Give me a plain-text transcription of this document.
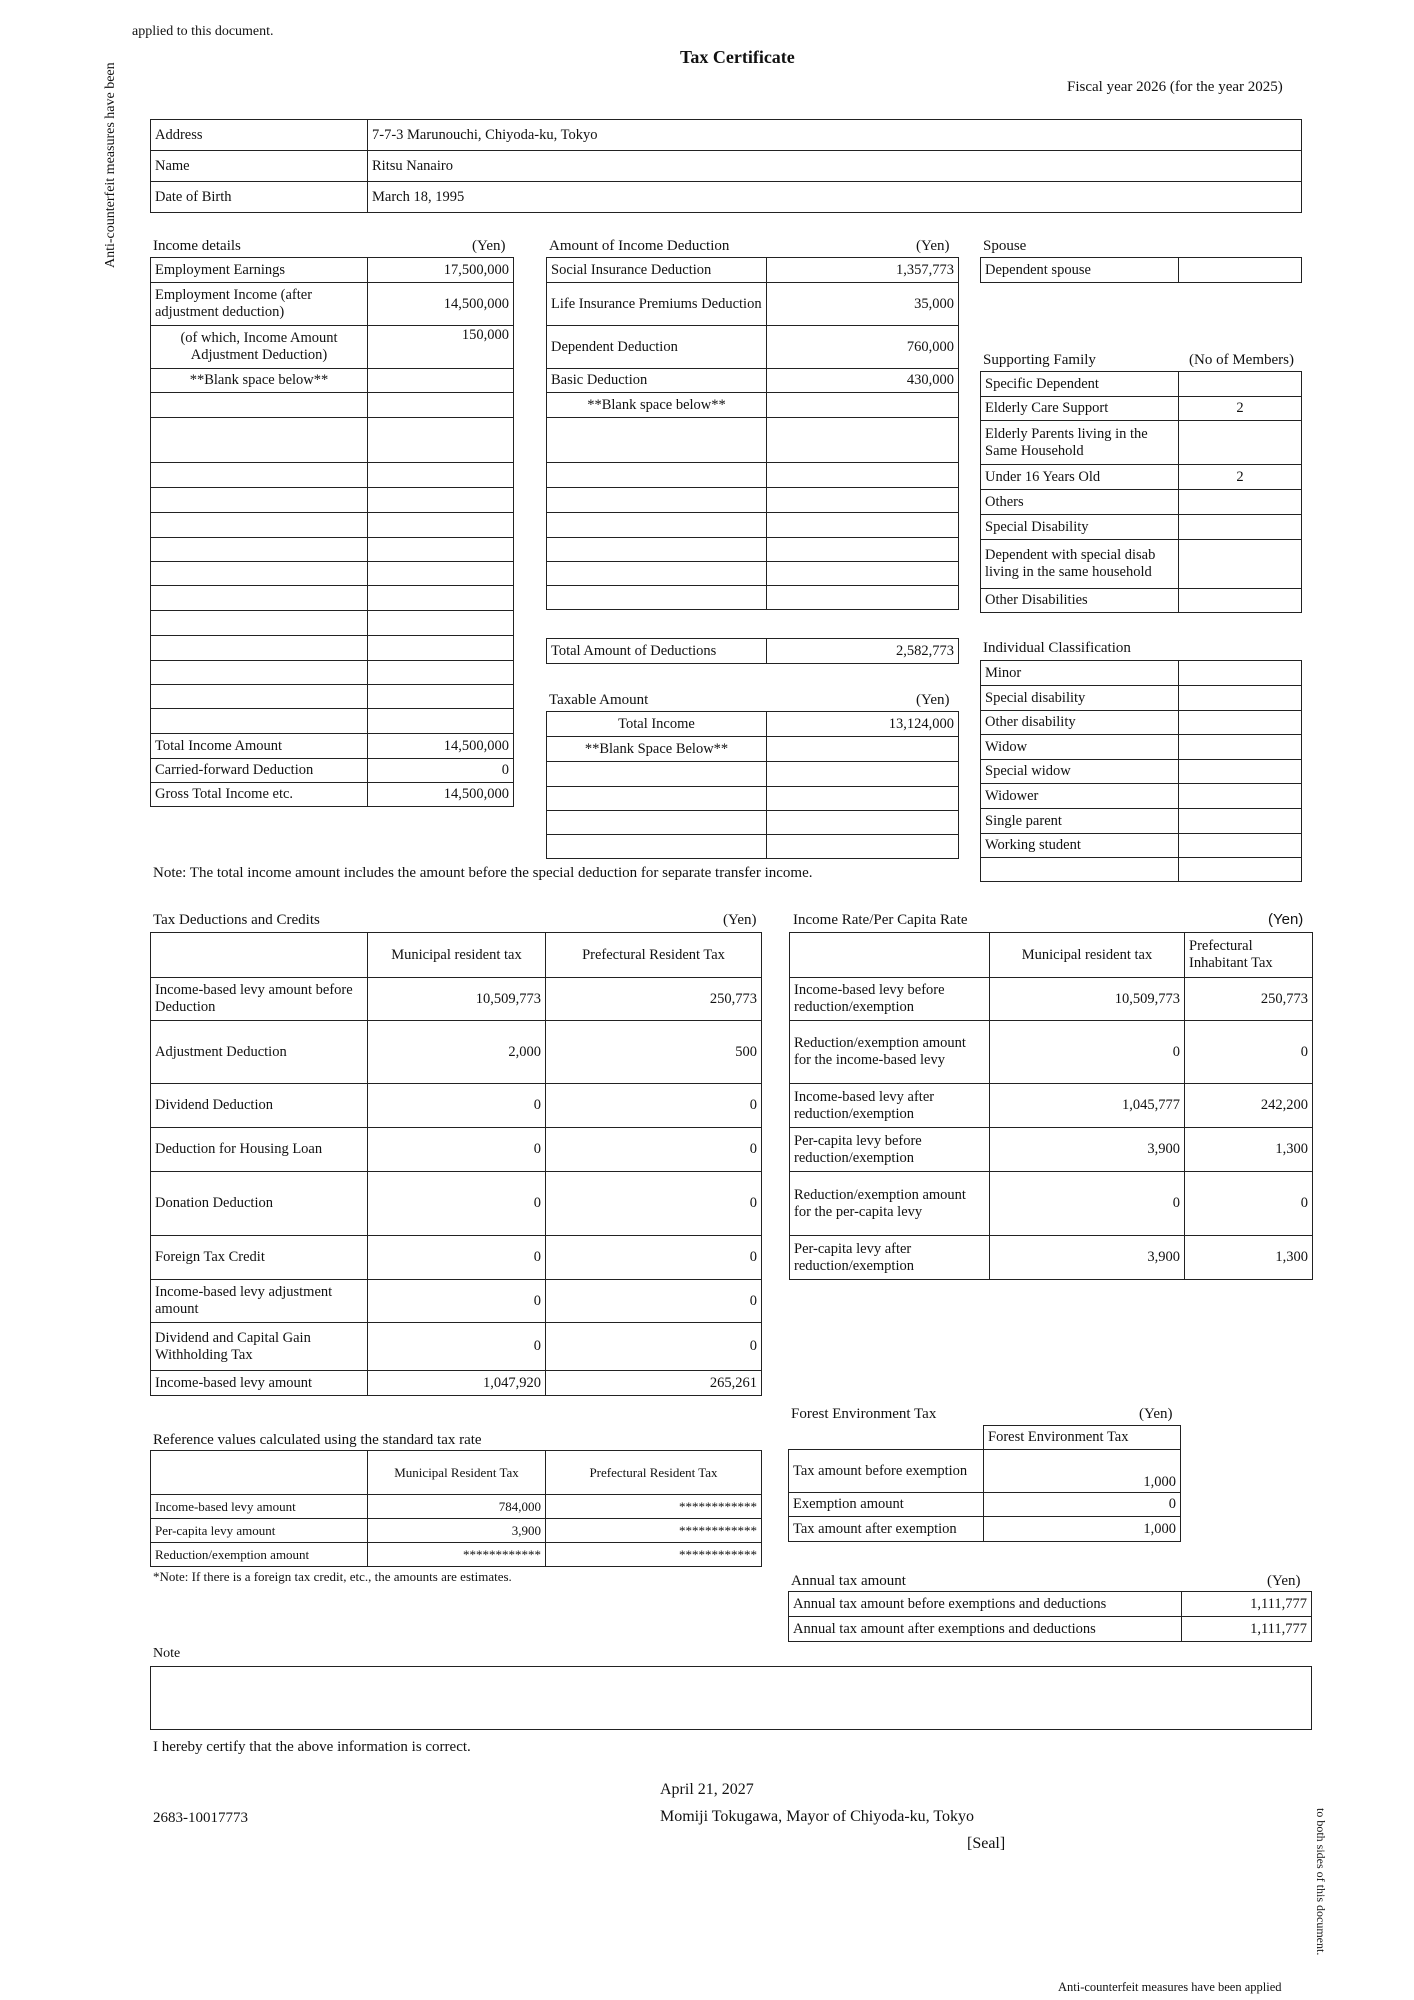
applied to this document.
Anti-counterfeit measures have been
to both sides of this document.
Anti-counterfeit measures have been applied
Tax Certificate
Fiscal year 2026 (for the year 2025)
Address	7-7-3 Marunouchi, Chiyoda-ku, Tokyo
Name	Ritsu Nanairo
Date of Birth	March 18, 1995
Income details	(Yen)
Employment Earnings	17,500,000
Employment Income (after adjustment deduction)	14,500,000
(of which, Income Amount Adjustment Deduction)	150,000
**Blank space below**	

Total Income Amount	14,500,000
Carried-forward Deduction	0
Gross Total Income etc.	14,500,000
Amount of Income Deduction	(Yen)
Social Insurance Deduction	1,357,773
Life Insurance Premiums Deduction	35,000
Dependent Deduction	760,000
Basic Deduction	430,000
**Blank space below**	

Total Amount of Deductions	2,582,773
Taxable Amount	(Yen)
Total Income	13,124,000
**Blank Space Below**	

Note: The total income amount includes the amount before the special deduction for separate transfer income.
Spouse
Dependent spouse	
Supporting Family	(No of Members)
Specific Dependent	
Elderly Care Support	2
Elderly Parents living in the Same Household	
Under 16 Years Old	2
Others	
Special Disability	
Dependent with special disab living in the same household	
Other Disabilities	
Individual Classification
Minor	
Special disability	
Other disability	
Widow	
Special widow	
Widower	
Single parent	
Working student	

Tax Deductions and Credits	(Yen)
	Municipal resident tax	Prefectural Resident Tax
Income-based levy amount before Deduction	10,509,773	250,773
Adjustment Deduction	2,000	500
Dividend Deduction	0	0
Deduction for Housing Loan	0	0
Donation Deduction	0	0
Foreign Tax Credit	0	0
Income-based levy adjustment amount	0	0
Dividend and Capital Gain Withholding Tax	0	0
Income-based levy amount	1,047,920	265,261
Income Rate/Per Capita Rate	(Yen)
	Municipal resident tax	Prefectural Inhabitant Tax
Income-based levy before reduction/exemption	10,509,773	250,773
Reduction/exemption amount for the income-based levy	0	0
Income-based levy after reduction/exemption	1,045,777	242,200
Per-capita levy before reduction/exemption	3,900	1,300
Reduction/exemption amount for the per-capita levy	0	0
Per-capita levy after reduction/exemption	3,900	1,300
Reference values calculated using the standard tax rate
	Municipal Resident Tax	Prefectural Resident Tax
Income-based levy amount	784,000	************
Per-capita levy amount	3,900	************
Reduction/exemption amount	************	************
*Note: If there is a foreign tax credit, etc., the amounts are estimates.
Forest Environment Tax	(Yen)
	Forest Environment Tax
Tax amount before exemption	1,000
Exemption amount	0
Tax amount after exemption	1,000
Annual tax amount	(Yen)
Annual tax amount before exemptions and deductions	1,111,777
Annual tax amount after exemptions and deductions	1,111,777
Note
I hereby certify that the above information is correct.
April 21, 2027
2683-10017773	Momiji Tokugawa, Mayor of Chiyoda-ku, Tokyo
[Seal]
